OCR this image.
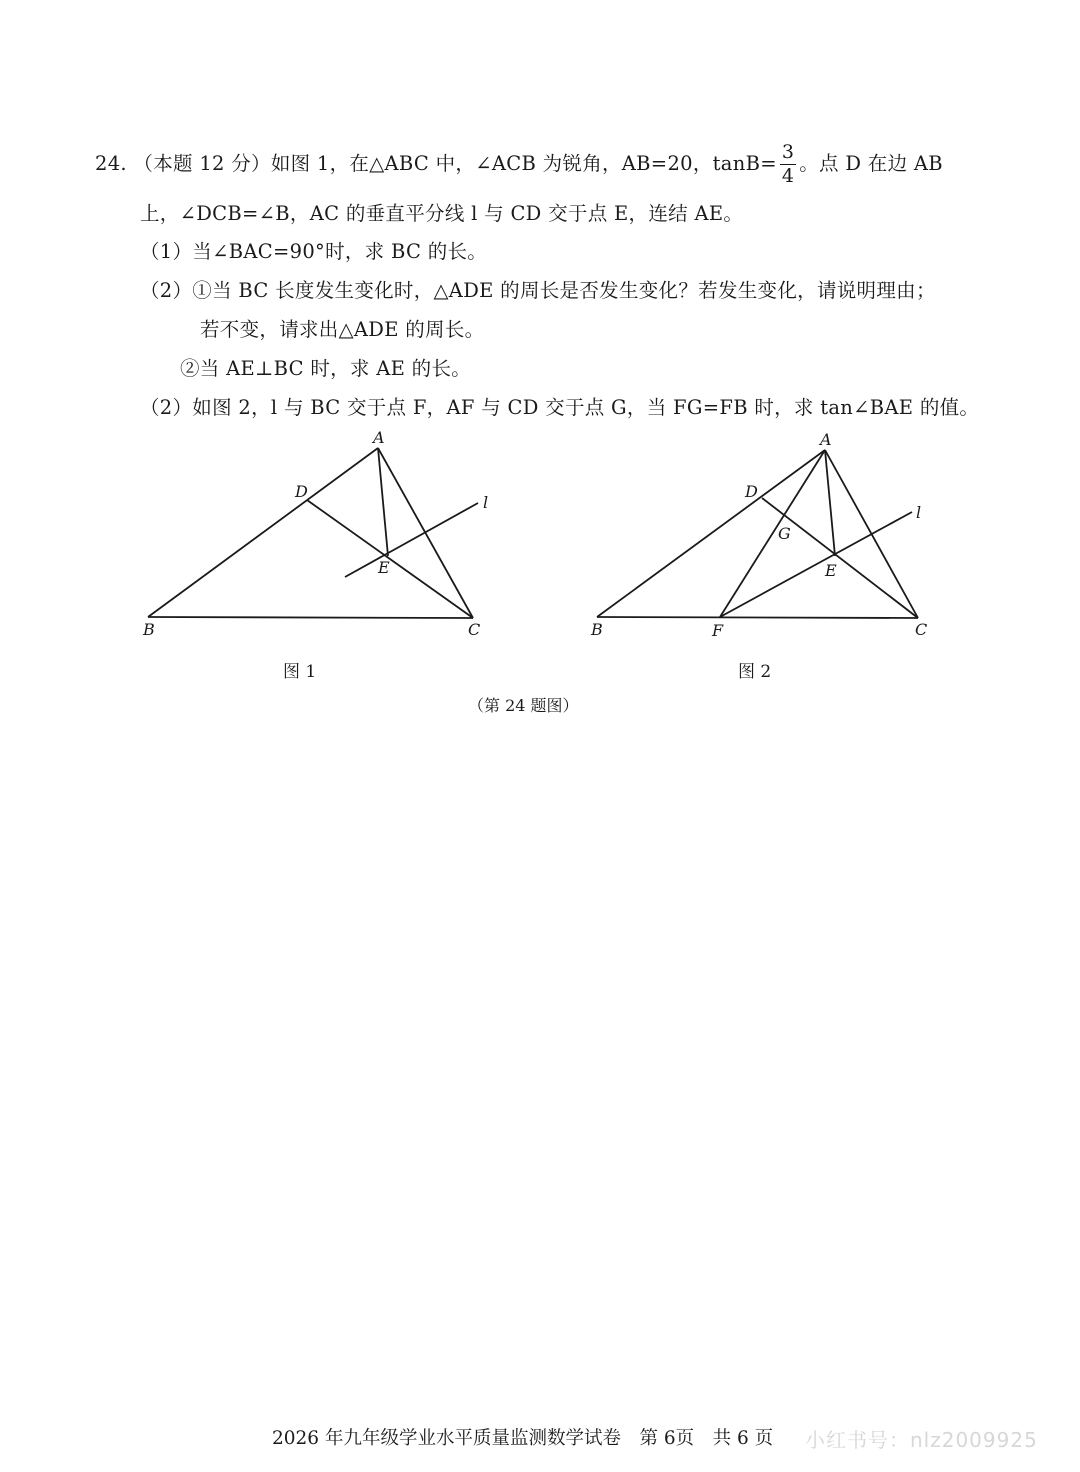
24. （本题 12 分）如图 1，在△ABC 中，∠ACB 为锐角，AB=20，$\tan B= \frac{3}{4}$ 。点 D 在边 AB
上，∠DCB=∠B，AC 的垂直平分线 l 与 CD 交于点 E，连结 AE。
（1）当∠BAC=90°时，求 BC 的长。
（2）①当 BC 长度发生变化时，△ADE 的周长是否发生变化？若发生变化，请说明理由；
若不变，请求出△ADE 的周长。
②当 AE⊥BC 时，求 AE 的长。
（2）如图 2，l 与 BC 交于点 F，AF 与 CD 交于点 G，当 FG=FB 时，求 tan∠BAE 的值。
A
B	C
D
E
l
A
B	C
D
E
F
G
l
图 1	图 2
（第 24 题图）
2026 年九年级学业水平质量监测数学试卷　第 6页　共 6 页 小红书号：nlz2009925
